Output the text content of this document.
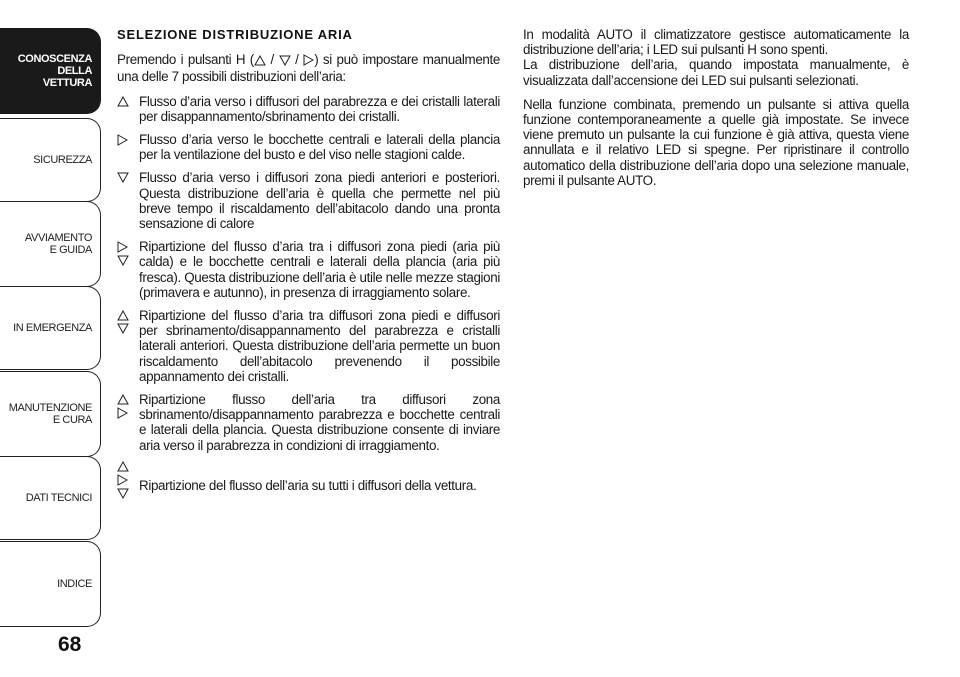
CONOSCENZA
DELLA
VETTURA
SICUREZZA
AVVIAMENTO
E GUIDA
IN EMERGENZA
MANUTENZIONE
E CURA
DATI TECNICI
INDICE
68
SELEZIONE DISTRIBUZIONE ARIA

Premendo i pulsanti H ( /  / ) si può impostare manualmente una delle 7 possibili distribuzioni dell’aria:

Flusso d’aria verso i diffusori del parabrezza e dei cristalli laterali per disappannamento/sbrinamento dei cristalli.
Flusso d’aria verso le bocchette centrali e laterali della plancia per la ventilazione del busto e del viso nelle stagioni calde.
Flusso d’aria verso i diffusori zona piedi anteriori e posteriori. Questa distribuzione dell’aria è quella che permette nel più breve tempo il riscaldamento dell’abitacolo dando una pronta sensazione di calore
Ripartizione del flusso d’aria tra i diffusori zona piedi (aria più calda) e le bocchette centrali e laterali della plancia (aria più fresca). Questa distribuzione dell’aria è utile nelle mezze stagioni (primavera e autunno), in presenza di irraggiamento solare.
Ripartizione del flusso d’aria tra diffusori zona piedi e diffusori per sbrinamento/disappannamento del parabrezza e cristalli laterali anteriori. Questa distribuzione dell’aria permette un buon riscaldamento dell’abitacolo prevenendo il possibile appannamento dei cristalli.
Ripartizione flusso dell’aria tra diffusori zona sbrinamento/disappannamento parabrezza e bocchette centrali e laterali della plancia. Questa distribuzione consente di inviare aria verso il parabrezza in condizioni di irraggiamento.
Ripartizione del flusso dell’aria su tutti i diffusori della vettura.

In modalità AUTO il climatizzatore gestisce automaticamente la distribuzione dell’aria; i LED sui pulsanti H sono spenti.
La distribuzione dell’aria, quando impostata manualmente, è visualizzata dall’accensione dei LED sui pulsanti selezionati.

Nella funzione combinata, premendo un pulsante si attiva quella funzione contemporaneamente a quelle già impostate. Se invece viene premuto un pulsante la cui funzione è già attiva, questa viene annullata e il relativo LED si spegne. Per ripristinare il controllo automatico della distribuzione dell’aria dopo una selezione manuale, premi il pulsante AUTO.
